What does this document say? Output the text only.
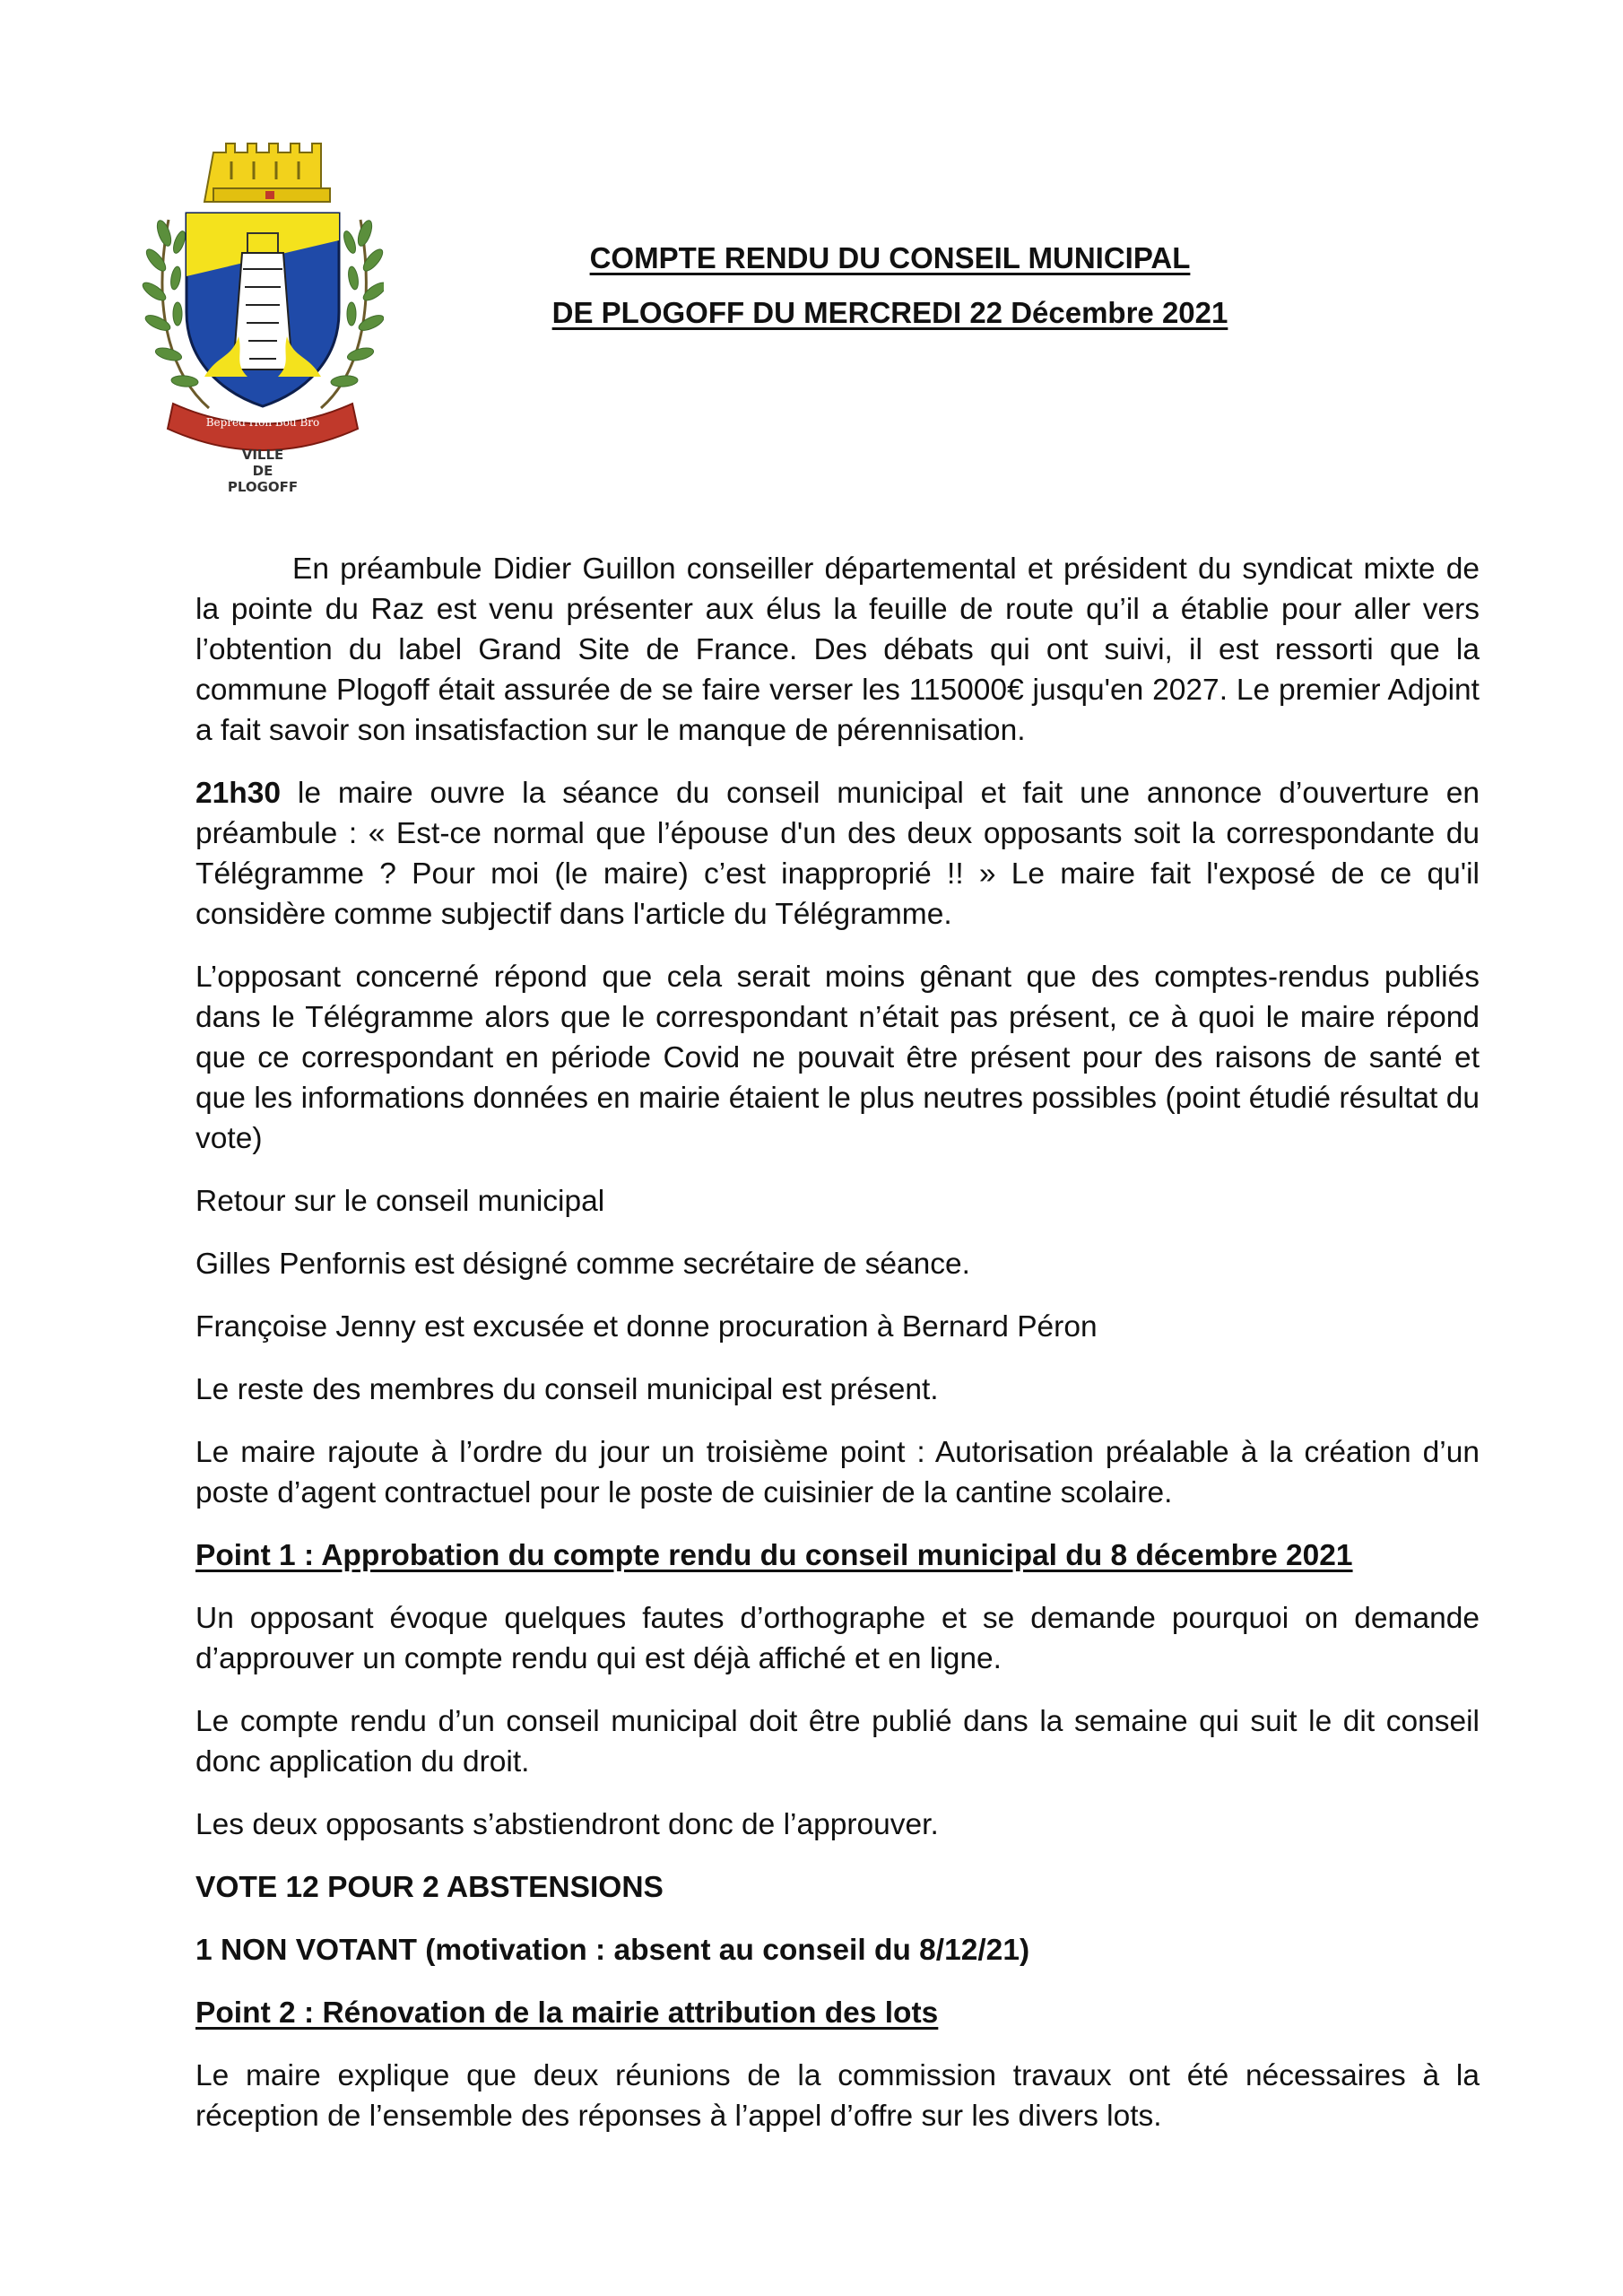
Bepred Hon Bou Bro
VILLE
DE
PLOGOFF

COMPTE RENDU DU CONSEIL MUNICIPAL

DE PLOGOFF DU MERCREDI 22 Décembre 2021

En préambule Didier Guillon conseiller départemental et président du syndicat mixte de la pointe du Raz est venu présenter aux élus la feuille de route qu’il a établie pour aller vers l’obtention du label Grand Site de France. Des débats qui ont suivi, il est ressorti que la commune Plogoff était assurée de se faire verser les 115000€ jusqu'en 2027. Le premier Adjoint a fait savoir son insatisfaction sur le manque de pérennisation.

21h30 le maire ouvre la séance du conseil municipal et fait une annonce d’ouverture en préambule : « Est-ce normal que l’épouse d'un des deux opposants soit la correspondante du Télégramme ? Pour moi (le maire) c’est inapproprié !! » Le maire fait l'exposé de ce qu'il considère comme subjectif dans l'article du Télégramme.

L’opposant concerné répond que cela serait moins gênant que des comptes-rendus publiés dans le Télégramme alors que le correspondant n’était pas présent, ce à quoi le maire répond que ce correspondant en période Covid ne pouvait être présent pour des raisons de santé et que les informations données en mairie étaient le plus neutres possibles (point étudié résultat du vote)

Retour sur le conseil municipal

Gilles Penfornis est désigné comme secrétaire de séance.

Françoise Jenny est excusée et donne procuration à Bernard Péron

Le reste des membres du conseil municipal est présent.

Le maire rajoute à l’ordre du jour un troisième point : Autorisation préalable à la création d’un poste d’agent contractuel pour le poste de cuisinier de la cantine scolaire.

Point 1 : Approbation du compte rendu du conseil municipal du 8 décembre 2021

Un opposant évoque quelques fautes d’orthographe et se demande pourquoi on demande d’approuver un compte rendu qui est déjà affiché et en ligne.

Le compte rendu d’un conseil municipal doit être publié dans la semaine qui suit le dit conseil donc application du droit.

Les deux opposants s’abstiendront donc de l’approuver.

VOTE 12 POUR 2 ABSTENSIONS

1 NON VOTANT (motivation : absent au conseil du 8/12/21)

Point 2 : Rénovation de la mairie attribution des lots

Le maire explique que deux réunions de la commission travaux ont été nécessaires à la réception de l’ensemble des réponses à l’appel d’offre sur les divers lots.
